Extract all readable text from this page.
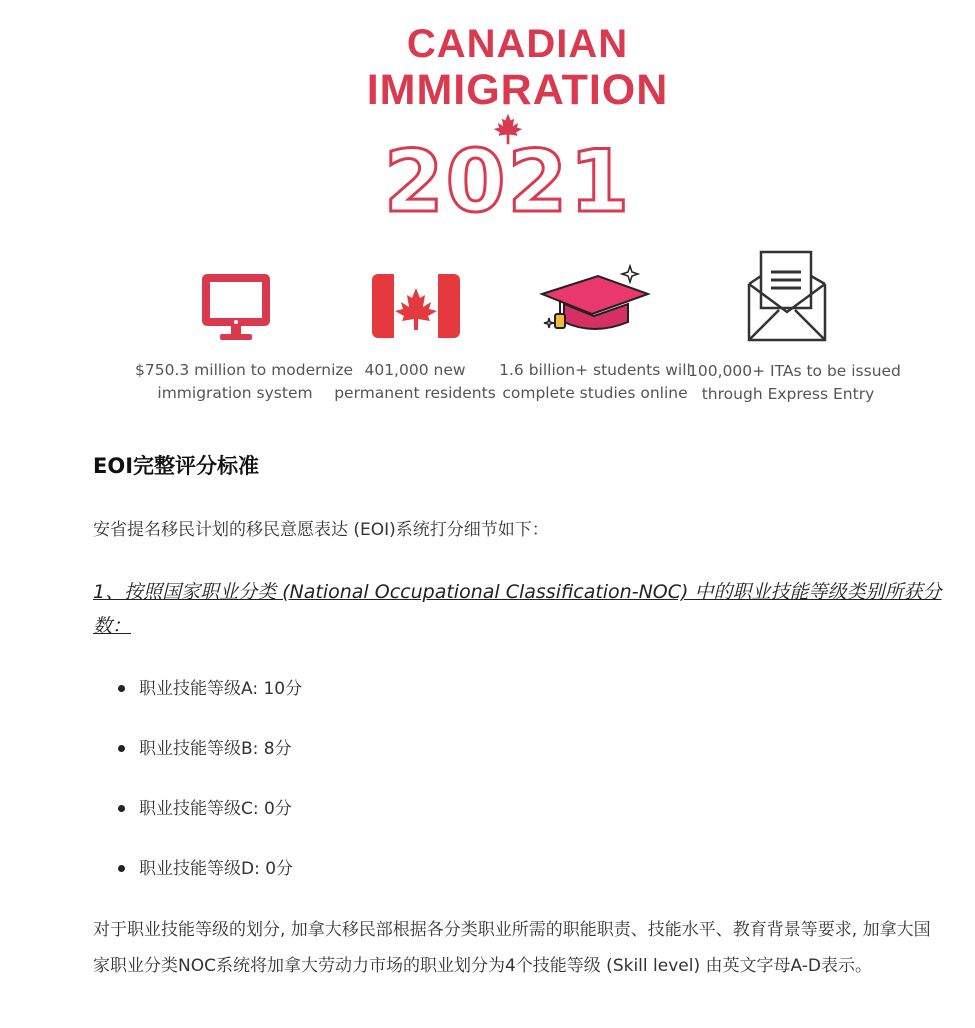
CANADIAN
IMMIGRATION
2021
$750.3 million to modernize
immigration system
401,000 new
permanent residents
1.6 billion+ students will
complete studies online
100,000+ ITAs to be issued
through Express Entry
EOI完整评分标准
安省提名移民计划的移民意愿表达 (EOI)系统打分细节如下：
1、按照国家职业分类 (National Occupational Classification-NOC) 中的职业技能等级类别所获分数：
职业技能等级A: 10分
职业技能等级B: 8分
职业技能等级C: 0分
职业技能等级D: 0分
对于职业技能等级的划分, 加拿大移民部根据各分类职业所需的职能职责、技能水平、教育背景等要求, 加拿大国家职业分类NOC系统将加拿大劳动力市场的职业划分为4个技能等级 (Skill level) 由英文字母A-D表示。
